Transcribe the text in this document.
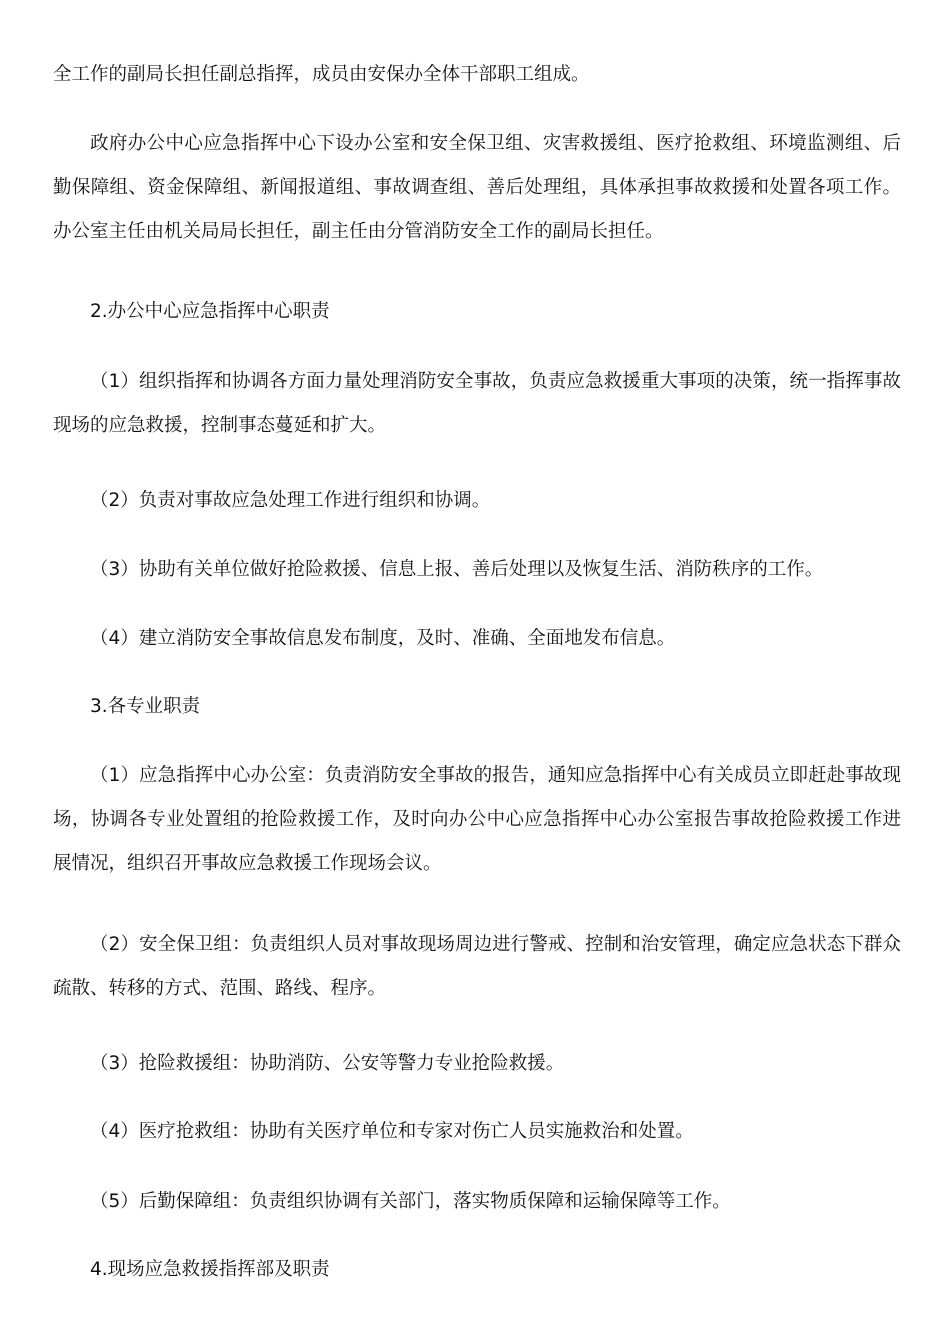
全工作的副局长担任副总指挥，成员由安保办全体干部职工组成。
政府办公中心应急指挥中心下设办公室和安全保卫组、灾害救援组、医疗抢救组、环境监测组、后勤保障组、资金保障组、新闻报道组、事故调查组、善后处理组，具体承担事故救援和处置各项工作。办公室主任由机关局局长担任，副主任由分管消防安全工作的副局长担任。
2.办公中心应急指挥中心职责
（1）组织指挥和协调各方面力量处理消防安全事故，负责应急救援重大事项的决策，统一指挥事故现场的应急救援，控制事态蔓延和扩大。
（2）负责对事故应急处理工作进行组织和协调。
（3）协助有关单位做好抢险救援、信息上报、善后处理以及恢复生活、消防秩序的工作。
（4）建立消防安全事故信息发布制度，及时、准确、全面地发布信息。
3.各专业职责
（1）应急指挥中心办公室：负责消防安全事故的报告，通知应急指挥中心有关成员立即赶赴事故现场，协调各专业处置组的抢险救援工作，及时向办公中心应急指挥中心办公室报告事故抢险救援工作进展情况，组织召开事故应急救援工作现场会议。
（2）安全保卫组：负责组织人员对事故现场周边进行警戒、控制和治安管理，确定应急状态下群众疏散、转移的方式、范围、路线、程序。
（3）抢险救援组：协助消防、公安等警力专业抢险救援。
（4）医疗抢救组：协助有关医疗单位和专家对伤亡人员实施救治和处置。
（5）后勤保障组：负责组织协调有关部门，落实物质保障和运输保障等工作。
4.现场应急救援指挥部及职责
